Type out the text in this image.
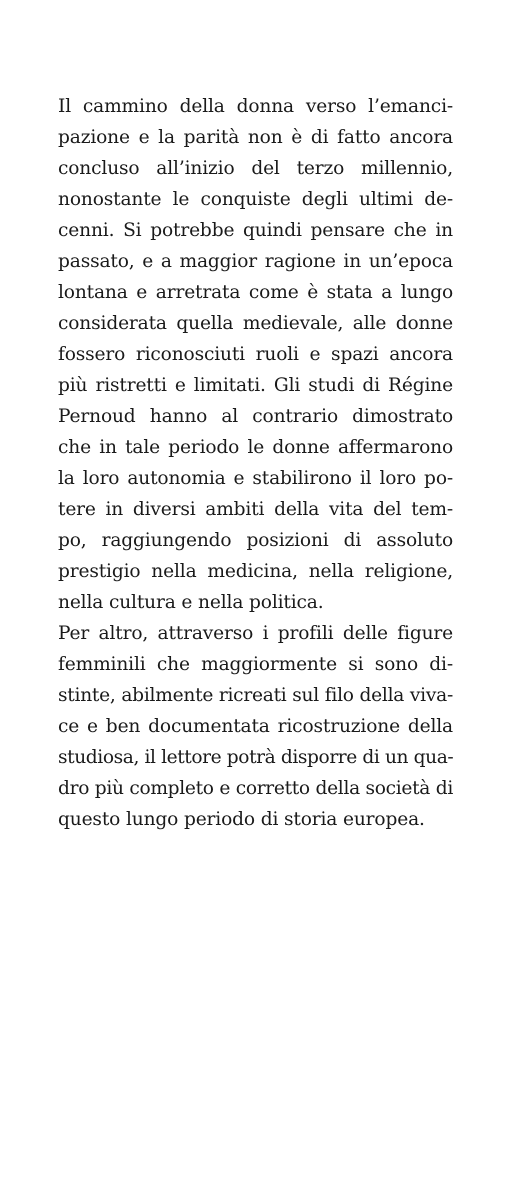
Il cammino della donna verso l’emanci-
pazione e la parità non è di fatto ancora
concluso all’inizio del terzo millennio,
nonostante le conquiste degli ultimi de-
cenni. Si potrebbe quindi pensare che in
passato, e a maggior ragione in un’epoca
lontana e arretrata come è stata a lungo
considerata quella medievale, alle donne
fossero riconosciuti ruoli e spazi ancora
più ristretti e limitati. Gli studi di Régine
Pernoud hanno al contrario dimostrato
che in tale periodo le donne affermarono
la loro autonomia e stabilirono il loro po-
tere in diversi ambiti della vita del tem-
po, raggiungendo posizioni di assoluto
prestigio nella medicina, nella religione,
nella cultura e nella politica.
Per altro, attraverso i profili delle figure
femminili che maggiormente si sono di-
stinte, abilmente ricreati sul filo della viva-
ce e ben documentata ricostruzione della
studiosa, il lettore potrà disporre di un qua-
dro più completo e corretto della società di
questo lungo periodo di storia europea.
